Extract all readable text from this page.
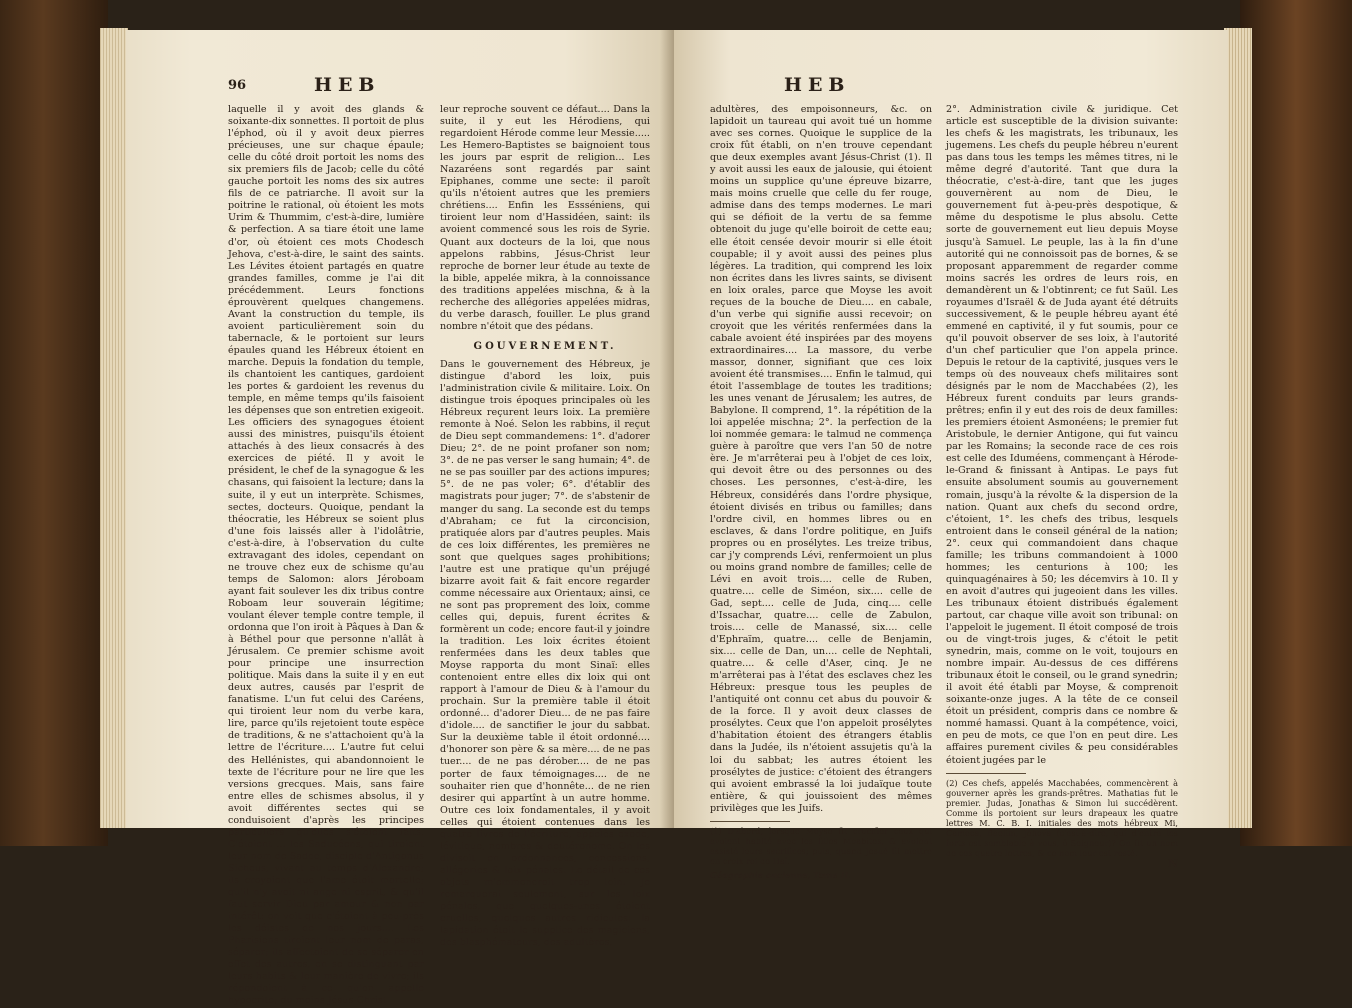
96	HEB

laquelle il y avoit des glands & soixante-dix sonnettes. Il portoit de plus l'éphod, où il y avoit deux pierres précieuses, une sur chaque épaule; celle du côté droit portoit les noms des six premiers fils de Jacob; celle du côté gauche portoit les noms des six autres fils de ce patriarche. Il avoit sur la poitrine le rational, où étoient les mots Urim & Thummim, c'est-à-dire, lumière & perfection. A sa tiare étoit une lame d'or, où étoient ces mots Chodesch Jehova, c'est-à-dire, le saint des saints. Les Lévites étoient partagés en quatre grandes familles, comme je l'ai dit précédemment. Leurs fonctions éprouvèrent quelques changemens. Avant la construction du temple, ils avoient particulièrement soin du tabernacle, & le portoient sur leurs épaules quand les Hébreux étoient en marche. Depuis la fondation du temple, ils chantoient les cantiques, gardoient les portes & gardoient les revenus du temple, en même temps qu'ils faisoient les dépenses que son entretien exigeoit. Les officiers des synagogues étoient aussi des ministres, puisqu'ils étoient attachés à des lieux consacrés à des exercices de piété. Il y avoit le président, le chef de la synagogue & les chasans, qui faisoient la lecture; dans la suite, il y eut un interprète. Schismes, sectes, docteurs. Quoique, pendant la théocratie, les Hébreux se soient plus d'une fois laissés aller à l'idolâtrie, c'est-à-dire, à l'observation du culte extravagant des idoles, cependant on ne trouve chez eux de schisme qu'au temps de Salomon: alors Jéroboam ayant fait soulever les dix tribus contre Roboam leur souverain légitime; voulant élever temple contre temple, il ordonna que l'on iroit à Pâques à Dan & à Béthel pour que personne n'allât à Jérusalem. Ce premier schisme avoit pour principe une insurrection politique. Mais dans la suite il y en eut deux autres, causés par l'esprit de fanatisme. L'un fut celui des Caréens, qui tiroient leur nom du verbe kara, lire, parce qu'ils rejetoient toute espèce de traditions, & ne s'attachoient qu'à la lettre de l'écriture.... L'autre fut celui des Hellénistes, qui abandonnoient le texte de l'écriture pour ne lire que les versions grecques. Mais, sans faire entre elles de schismes absolus, il y avoit différentes sectes qui se conduisoient d'après les principes particuliers qu'elles s'étoient faits. C'étoient ... les Saducéens, qui tiroient leur nom de Sadoc, disciple d'Antigonus Sicheus, vivant au temps d'Alexandre; ils croyoient que l'ame étoit mortelle; qu'il n'y avoit ni ange ni esprit, & qu'il faut servir Dieu par amour & non par intérêt: on voit que c'étoient à peu-près les déistes de nos jours.... Les Pharisiens tiroient leur nom de paras, séparer; ils affectoient de se séparer en effet des autres, en se distinguant par leurs habits & leur manière de vivre; ils répondoient à ce qu'on appelle hypocrite; du moins Jésus-Christ

leur reproche souvent ce défaut.... Dans la suite, il y eut les Hérodiens, qui regardoient Hérode comme leur Messie..... Les Hemero-Baptistes se baignoient tous les jours par esprit de religion... Les Nazaréens sont regardés par saint Epiphanes, comme une secte: il paroît qu'ils n'étoient autres que les premiers chrétiens.... Enfin les Essséniens, qui tiroient leur nom d'Hassidéen, saint: ils avoient commencé sous les rois de Syrie. Quant aux docteurs de la loi, que nous appelons rabbins, Jésus-Christ leur reproche de borner leur étude au texte de la bible, appelée mikra, à la connoissance des traditions appelées mischna, & à la recherche des allégories appelées midras, du verbe darasch, fouiller. Le plus grand nombre n'étoit que des pédans.

GOUVERNEMENT.

Dans le gouvernement des Hébreux, je distingue d'abord les loix, puis l'administration civile & militaire. Loix. On distingue trois époques principales où les Hébreux reçurent leurs loix. La première remonte à Noé. Selon les rabbins, il reçut de Dieu sept commandemens: 1°. d'adorer Dieu; 2°. de ne point profaner son nom; 3°. de ne pas verser le sang humain; 4°. de ne se pas souiller par des actions impures; 5°. de ne pas voler; 6°. d'établir des magistrats pour juger; 7°. de s'abstenir de manger du sang. La seconde est du temps d'Abraham; ce fut la circoncision, pratiquée alors par d'autres peuples. Mais de ces loix différentes, les premières ne sont que quelques sages prohibitions; l'autre est une pratique qu'un préjugé bizarre avoit fait & fait encore regarder comme nécessaire aux Orientaux; ainsi, ce ne sont pas proprement des loix, comme celles qui, depuis, furent écrites & formèrent un code; encore faut-il y joindre la tradition. Les loix écrites étoient renfermées dans les deux tables que Moyse rapporta du mont Sinaï: elles contenoient entre elles dix loix qui ont rapport à l'amour de Dieu & à l'amour du prochain. Sur la première table il étoit ordonné... d'adorer Dieu... de ne pas faire d'idole.... de sanctifier le jour du sabbat. Sur la deuxième table il étoit ordonné.... d'honorer son père & sa mère.... de ne pas tuer.... de ne pas dérober.... de ne pas porter de faux témoignages.... de ne souhaiter rien que d'honnête... de ne rien desirer qui appartînt à un autre homme. Outre ces loix fondamentales, il y avoit celles qui étoient contenues dans les quatre livres de l'écriture, appelés exode, lévitique, nombres & deutéronome. On les divisoit en ordonnances, concessions, allégories & loix pénales. Le détail de ces objets m'emmeneroit trop loin. Je remarquerai seulement, sur les loix pénales, que quelques-unes étoient cruelles, quelques autres ridicules: la lapidation étoit le supplice des magiciens, des blasphémateurs, des adultères,

HEB

adultères, des empoisonneurs, &c. on lapidoit un taureau qui avoit tué un homme avec ses cornes. Quoique le supplice de la croix fût établi, on n'en trouve cependant que deux exemples avant Jésus-Christ (1). Il y avoit aussi les eaux de jalousie, qui étoient moins un supplice qu'une épreuve bizarre, mais moins cruelle que celle du fer rouge, admise dans des temps modernes. Le mari qui se défioit de la vertu de sa femme obtenoit du juge qu'elle boiroit de cette eau; elle étoit censée devoir mourir si elle étoit coupable; il y avoit aussi des peines plus légères. La tradition, qui comprend les loix non écrites dans les livres saints, se divisent en loix orales, parce que Moyse les avoit reçues de la bouche de Dieu.... en cabale, d'un verbe qui signifie aussi recevoir; on croyoit que les vérités renfermées dans la cabale avoient été inspirées par des moyens extraordinaires.... La massore, du verbe massor, donner, signifiant que ces loix avoient été transmises.... Enfin le talmud, qui étoit l'assemblage de toutes les traditions; les unes venant de Jérusalem; les autres, de Babylone. Il comprend, 1°. la répétition de la loi appelée mischna; 2°. la perfection de la loi nommée gemara: le talmud ne commença guère à paroître que vers l'an 50 de notre ère. Je m'arrêterai peu à l'objet de ces loix, qui devoit être ou des personnes ou des choses. Les personnes, c'est-à-dire, les Hébreux, considérés dans l'ordre physique, étoient divisés en tribus ou familles; dans l'ordre civil, en hommes libres ou en esclaves, & dans l'ordre politique, en Juifs propres ou en prosélytes. Les treize tribus, car j'y comprends Lévi, renfermoient un plus ou moins grand nombre de familles; celle de Lévi en avoit trois.... celle de Ruben, quatre.... celle de Siméon, six.... celle de Gad, sept.... celle de Juda, cinq.... celle d'Issachar, quatre.... celle de Zabulon, trois.... celle de Manassé, six.... celle d'Ephraïm, quatre.... celle de Benjamin, six.... celle de Dan, un.... celle de Nephtali, quatre.... & celle d'Aser, cinq. Je ne m'arrêterai pas à l'état des esclaves chez les Hébreux: presque tous les peuples de l'antiquité ont connu cet abus du pouvoir & de la force. Il y avoit deux classes de prosélytes. Ceux que l'on appeloit prosélytes d'habitation étoient des étrangers établis dans la Judée, ils n'étoient assujetis qu'à la loi du sabbat; les autres étoient les prosélytes de justice: c'étoient des étrangers qui avoient embrassé la loi judaïque toute entière, & qui jouissoient des mêmes privilèges que les Juifs.

(1) D'abord, lorsque Moyse fit crucifier ceux qui avoient habité avec les filles Moabites, & avoient assisté leurs sacrifices; puis, quand Josué fit mettre en croix roi de Haï.

Géographie ancienne, Tome II.

2°. Administration civile & juridique. Cet article est susceptible de la division suivante: les chefs & les magistrats, les tribunaux, les jugemens. Les chefs du peuple hébreu n'eurent pas dans tous les temps les mêmes titres, ni le même degré d'autorité. Tant que dura la théocratie, c'est-à-dire, tant que les juges gouvernèrent au nom de Dieu, le gouvernement fut à-peu-près despotique, & même du despotisme le plus absolu. Cette sorte de gouvernement eut lieu depuis Moyse jusqu'à Samuel. Le peuple, las à la fin d'une autorité qui ne connoissoit pas de bornes, & se proposant apparemment de regarder comme moins sacrés les ordres de leurs rois, en demandèrent un & l'obtinrent; ce fut Saül. Les royaumes d'Israël & de Juda ayant été détruits successivement, & le peuple hébreu ayant été emmené en captivité, il y fut soumis, pour ce qu'il pouvoit observer de ses loix, à l'autorité d'un chef particulier que l'on appela prince. Depuis le retour de la captivité, jusques vers le temps où des nouveaux chefs militaires sont désignés par le nom de Macchabées (2), les Hébreux furent conduits par leurs grands-prêtres; enfin il y eut des rois de deux familles: les premiers étoient Asmonéens; le premier fut Aristobule, le dernier Antigone, qui fut vaincu par les Romains; la seconde race de ces rois est celle des Iduméens, commençant à Hérode-le-Grand & finissant à Antipas. Le pays fut ensuite absolument soumis au gouvernement romain, jusqu'à la révolte & la dispersion de la nation. Quant aux chefs du second ordre, c'étoient, 1°. les chefs des tribus, lesquels entroient dans le conseil général de la nation; 2°. ceux qui commandoient dans chaque famille; les tribuns commandoient à 1000 hommes; les centurions à 100; les quinquagénaires à 50; les décemvirs à 10. Il y en avoit d'autres qui jugeoient dans les villes. Les tribunaux étoient distribués également partout, car chaque ville avoit son tribunal: on l'appeloit le jugement. Il étoit composé de trois ou de vingt-trois juges, & c'étoit le petit synedrin, mais, comme on le voit, toujours en nombre impair. Au-dessus de ces différens tribunaux étoit le conseil, ou le grand synedrin; il avoit été établi par Moyse, & comprenoit soixante-onze juges. A la tête de ce conseil étoit un président, compris dans ce nombre & nommé hamassi. Quant à la compétence, voici, en peu de mots, ce que l'on en peut dire. Les affaires purement civiles & peu considérables étoient jugées par le

(2) Ces chefs, appelés Macchabées, commencèrent à gouverner après les grands-prêtres. Mathatias fut le premier. Judas, Jonathas & Simon lui succédèrent. Comme ils portoient sur leurs drapeaux les quatre lettres M. C. B. I. initiales des mots hébreux Mi, Camoca, Baelim, Jéhova (c'est-à-dire, qui d'entre les forts est semblable à vous, ô Seigneur)? On fit un nom de ces quatre lettres, & ce nom leur est resté.

N
